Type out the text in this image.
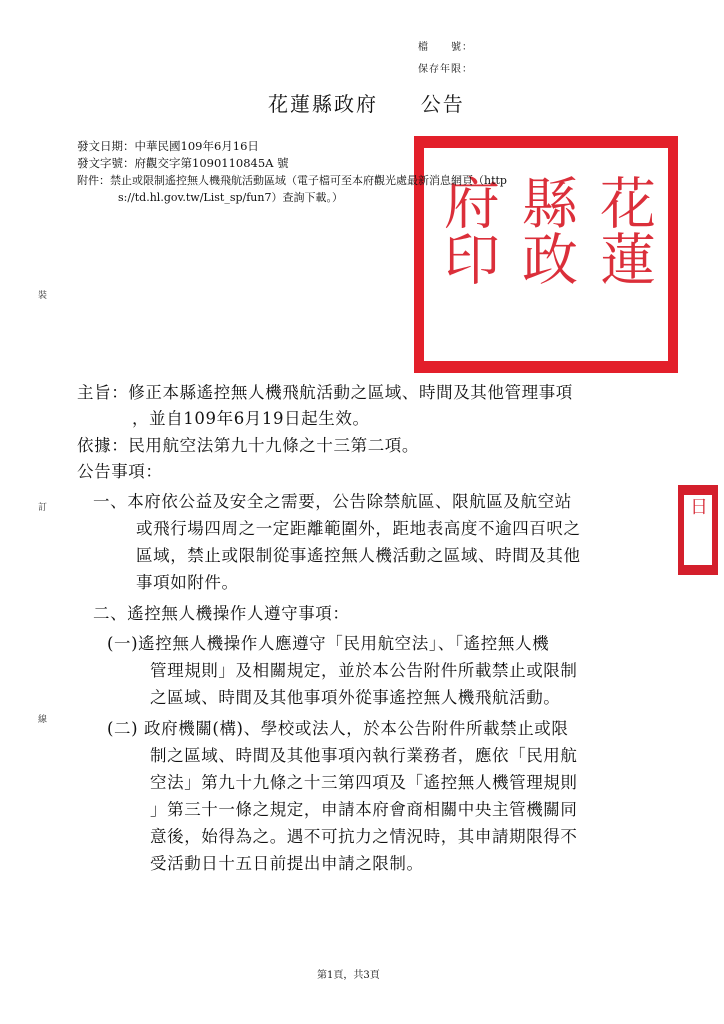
檔　　號：
保存年限：
花蓮縣政府 公告
花蓮
縣政
府印
發文日期：中華民國109年6月16日
發文字號：府觀交字第1090110845A 號
附件：禁止或限制遙控無人機飛航活動區域（電子檔可至本府觀光處最新消息網頁（http
s://td.hl.gov.tw/List_sp/fun7）查詢下載。）
裝
訂
線
日
主旨：修正本縣遙控無人機飛航活動之區域、時間及其他管理事項
，並自109年6月19日起生效。
依據：民用航空法第九十九條之十三第二項。
公告事項：
一、本府依公益及安全之需要，公告除禁航區、限航區及航空站
或飛行場四周之一定距離範圍外，距地表高度不逾四百呎之
區域，禁止或限制從事遙控無人機活動之區域、時間及其他
事項如附件。
二、遙控無人機操作人遵守事項：
(一)遙控無人機操作人應遵守「民用航空法」、「遙控無人機
管理規則」及相關規定，並於本公告附件所載禁止或限制
之區域、時間及其他事項外從事遙控無人機飛航活動。
(二) 政府機關(構)、學校或法人，於本公告附件所載禁止或限
制之區域、時間及其他事項內執行業務者，應依「民用航
空法」第九十九條之十三第四項及「遙控無人機管理規則
」第三十一條之規定，申請本府會商相關中央主管機關同
意後，始得為之。遇不可抗力之情況時，其申請期限得不
受活動日十五日前提出申請之限制。
第1頁，共3頁
